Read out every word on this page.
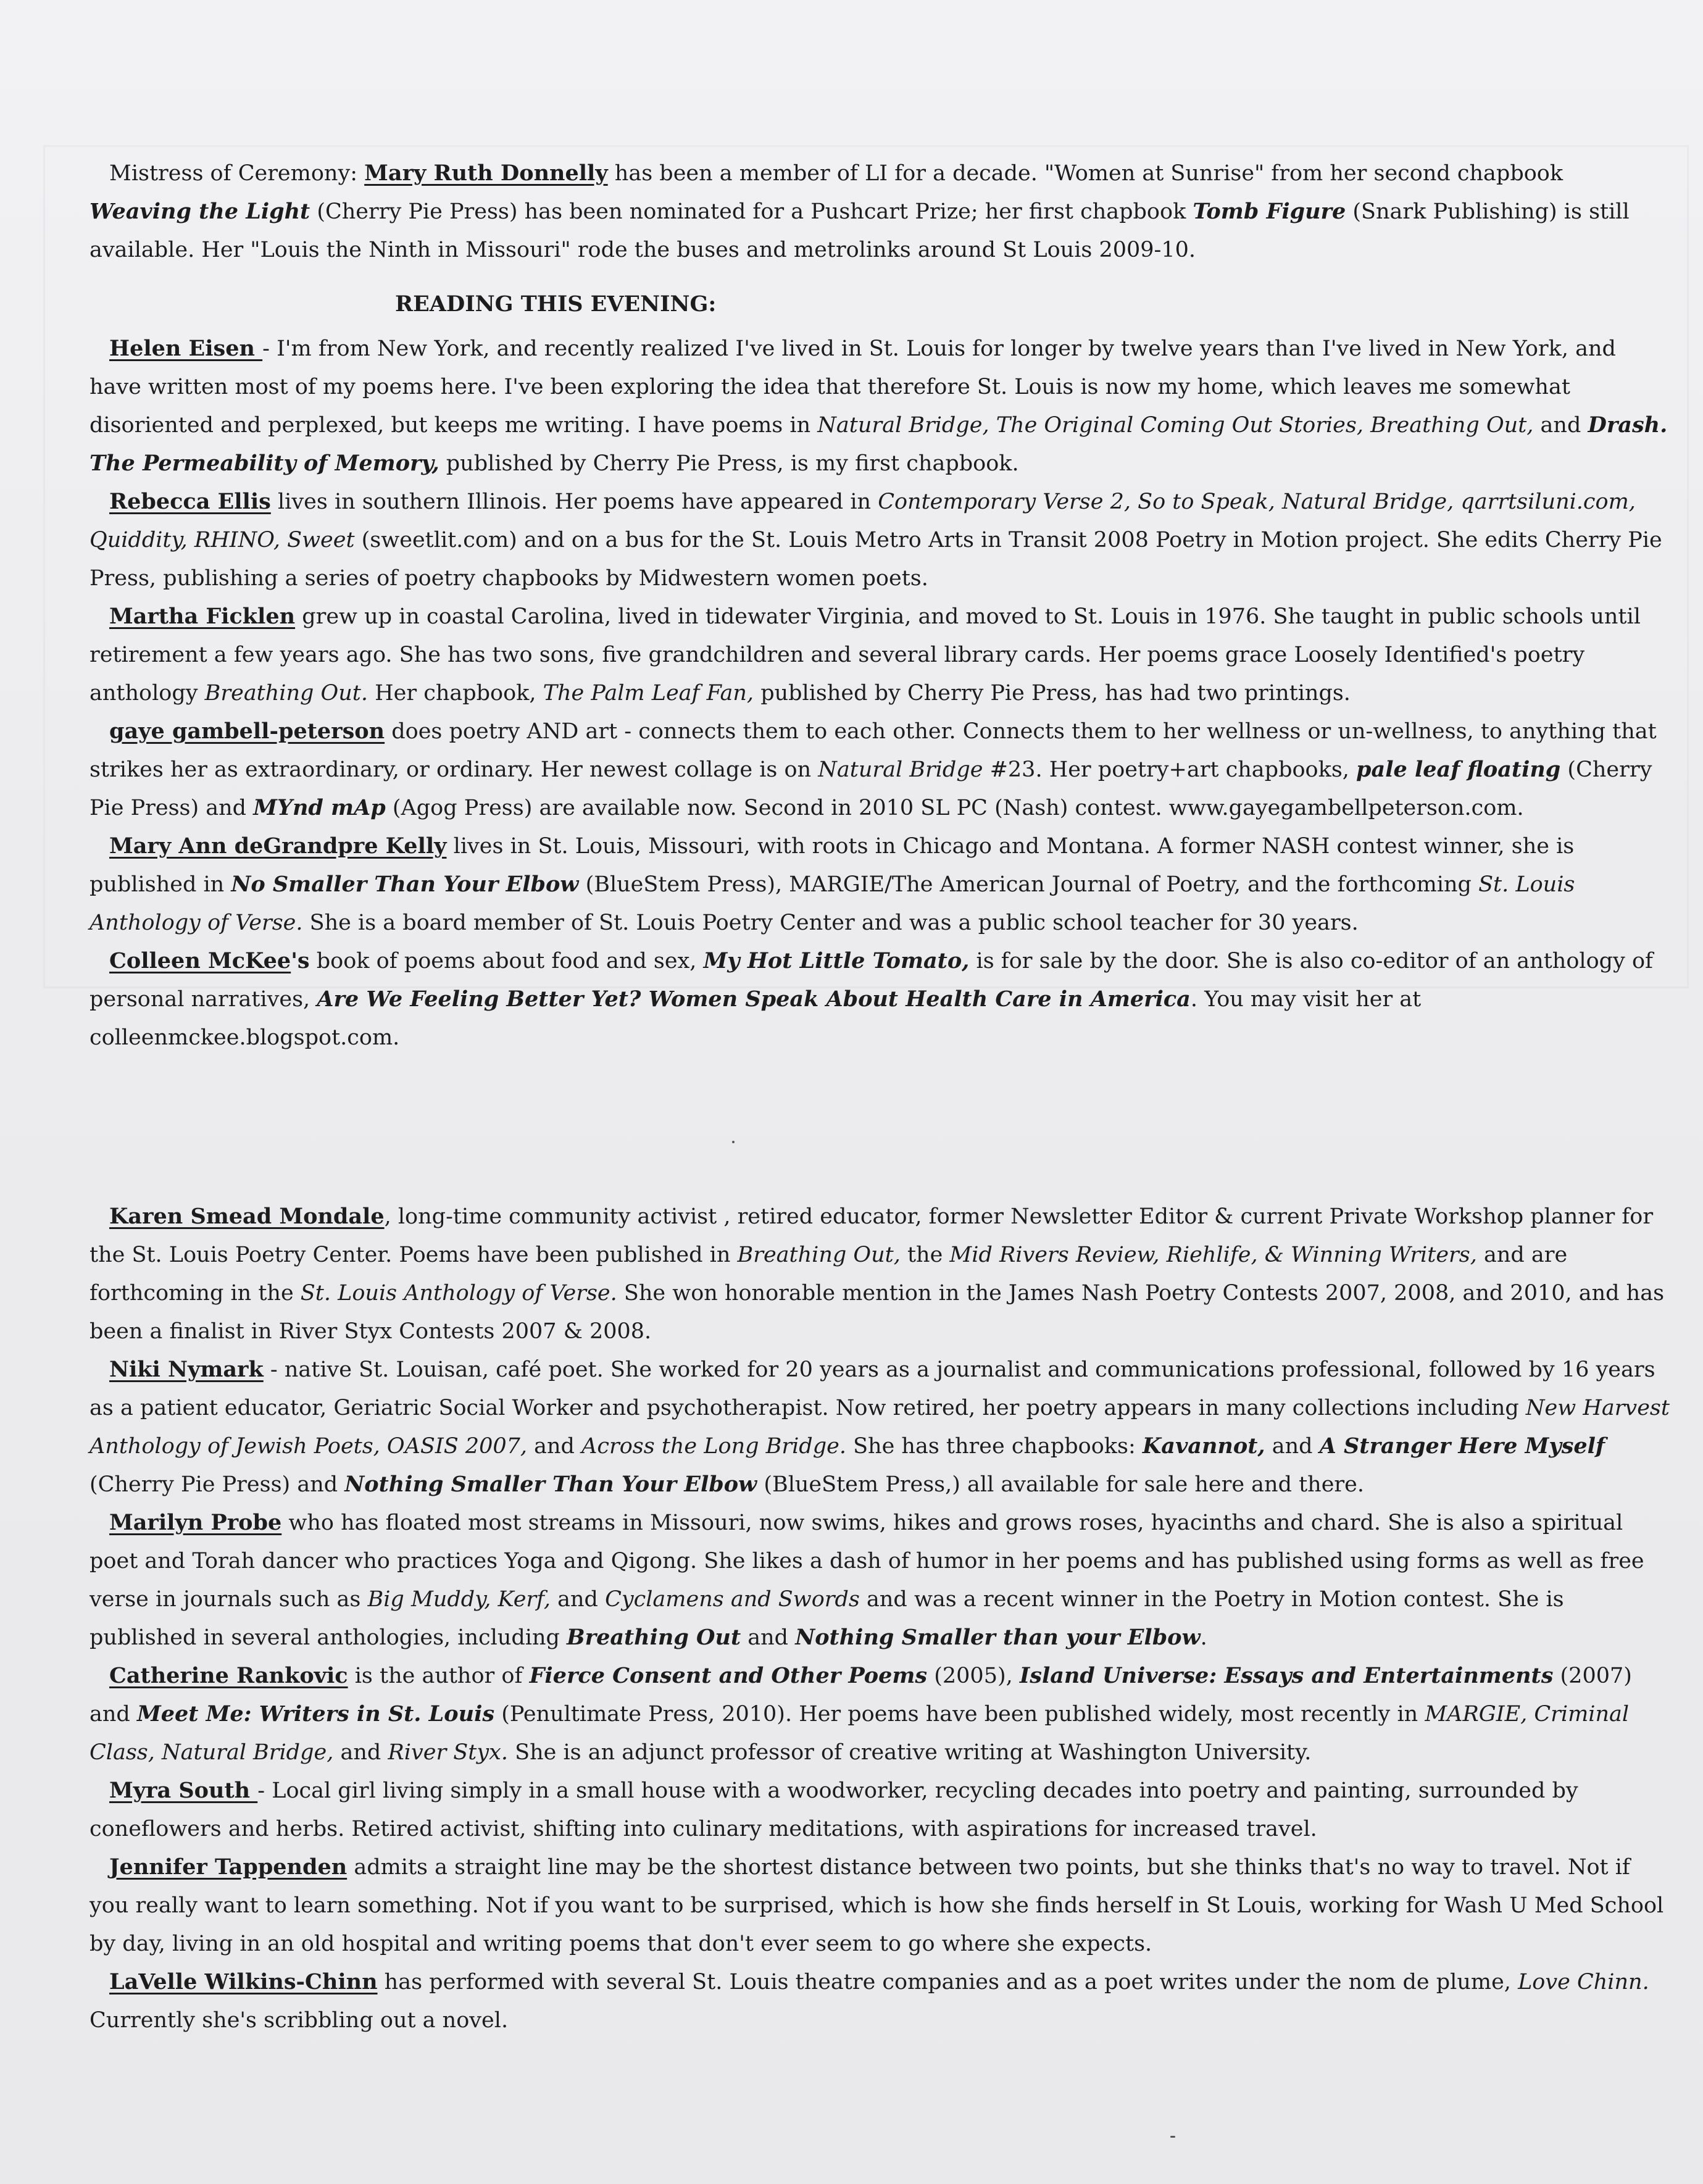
Mistress of Ceremony: Mary Ruth Donnelly has been a member of LI for a decade. "Women at Sunrise" from her second chapbook Weaving the Light (Cherry Pie Press) has been nominated for a Pushcart Prize; her first chapbook Tomb Figure (Snark Publishing) is still available. Her "Louis the Ninth in Missouri" rode the buses and metrolinks around St Louis 2009-10.

READING THIS EVENING:

Helen Eisen - I'm from New York, and recently realized I've lived in St. Louis for longer by twelve years than I've lived in New York, and have written most of my poems here. I've been exploring the idea that therefore St. Louis is now my home, which leaves me somewhat disoriented and perplexed, but keeps me writing. I have poems in Natural Bridge, The Original Coming Out Stories, Breathing Out, and Drash. The Permeability of Memory, published by Cherry Pie Press, is my first chapbook.

Rebecca Ellis lives in southern Illinois. Her poems have appeared in Contemporary Verse 2, So to Speak, Natural Bridge, qarrtsiluni.com, Quiddity, RHINO, Sweet (sweetlit.com) and on a bus for the St. Louis Metro Arts in Transit 2008 Poetry in Motion project. She edits Cherry Pie Press, publishing a series of poetry chapbooks by Midwestern women poets.

Martha Ficklen grew up in coastal Carolina, lived in tidewater Virginia, and moved to St. Louis in 1976. She taught in public schools until retirement a few years ago. She has two sons, five grandchildren and several library cards. Her poems grace Loosely Identified's poetry anthology Breathing Out. Her chapbook, The Palm Leaf Fan, published by Cherry Pie Press, has had two printings.

gaye gambell-peterson does poetry AND art - connects them to each other. Connects them to her wellness or un-wellness, to anything that strikes her as extraordinary, or ordinary. Her newest collage is on Natural Bridge #23. Her poetry+art chapbooks, pale leaf floating (Cherry Pie Press) and MYnd mAp (Agog Press) are available now. Second in 2010 SL PC (Nash) contest. www.gayegambellpeterson.com.

Mary Ann deGrandpre Kelly lives in St. Louis, Missouri, with roots in Chicago and Montana. A former NASH contest winner, she is published in No Smaller Than Your Elbow (BlueStem Press), MARGIE/The American Journal of Poetry, and the forthcoming St. Louis Anthology of Verse. She is a board member of St. Louis Poetry Center and was a public school teacher for 30 years.

Colleen McKee's book of poems about food and sex, My Hot Little Tomato, is for sale by the door. She is also co-editor of an anthology of personal narratives, Are We Feeling Better Yet? Women Speak About Health Care in America. You may visit her at colleenmckee.blogspot.com.

Karen Smead Mondale, long-time community activist , retired educator, former Newsletter Editor & current Private Workshop planner for the St. Louis Poetry Center. Poems have been published in Breathing Out, the Mid Rivers Review, Riehlife, & Winning Writers, and are forthcoming in the St. Louis Anthology of Verse. She won honorable mention in the James Nash Poetry Contests 2007, 2008, and 2010, and has been a finalist in River Styx Contests 2007 & 2008.

Niki Nymark - native St. Louisan, café poet. She worked for 20 years as a journalist and communications professional, followed by 16 years as a patient educator, Geriatric Social Worker and psychotherapist. Now retired, her poetry appears in many collections including New Harvest Anthology of Jewish Poets, OASIS 2007, and Across the Long Bridge. She has three chapbooks: Kavannot, and A Stranger Here Myself (Cherry Pie Press) and Nothing Smaller Than Your Elbow (BlueStem Press,) all available for sale here and there.

Marilyn Probe who has floated most streams in Missouri, now swims, hikes and grows roses, hyacinths and chard. She is also a spiritual poet and Torah dancer who practices Yoga and Qigong. She likes a dash of humor in her poems and has published using forms as well as free verse in journals such as Big Muddy, Kerf, and Cyclamens and Swords and was a recent winner in the Poetry in Motion contest. She is published in several anthologies, including Breathing Out and Nothing Smaller than your Elbow.

Catherine Rankovic is the author of Fierce Consent and Other Poems (2005), Island Universe: Essays and Entertainments (2007) and Meet Me: Writers in St. Louis (Penultimate Press, 2010). Her poems have been published widely, most recently in MARGIE, Criminal Class, Natural Bridge, and River Styx. She is an adjunct professor of creative writing at Washington University.

Myra South - Local girl living simply in a small house with a woodworker, recycling decades into poetry and painting, surrounded by coneflowers and herbs. Retired activist, shifting into culinary meditations, with aspirations for increased travel.

Jennifer Tappenden admits a straight line may be the shortest distance between two points, but she thinks that's no way to travel. Not if you really want to learn something. Not if you want to be surprised, which is how she finds herself in St Louis, working for Wash U Med School by day, living in an old hospital and writing poems that don't ever seem to go where she expects.

LaVelle Wilkins-Chinn has performed with several St. Louis theatre companies and as a poet writes under the nom de plume, Love Chinn. Currently she's scribbling out a novel.
